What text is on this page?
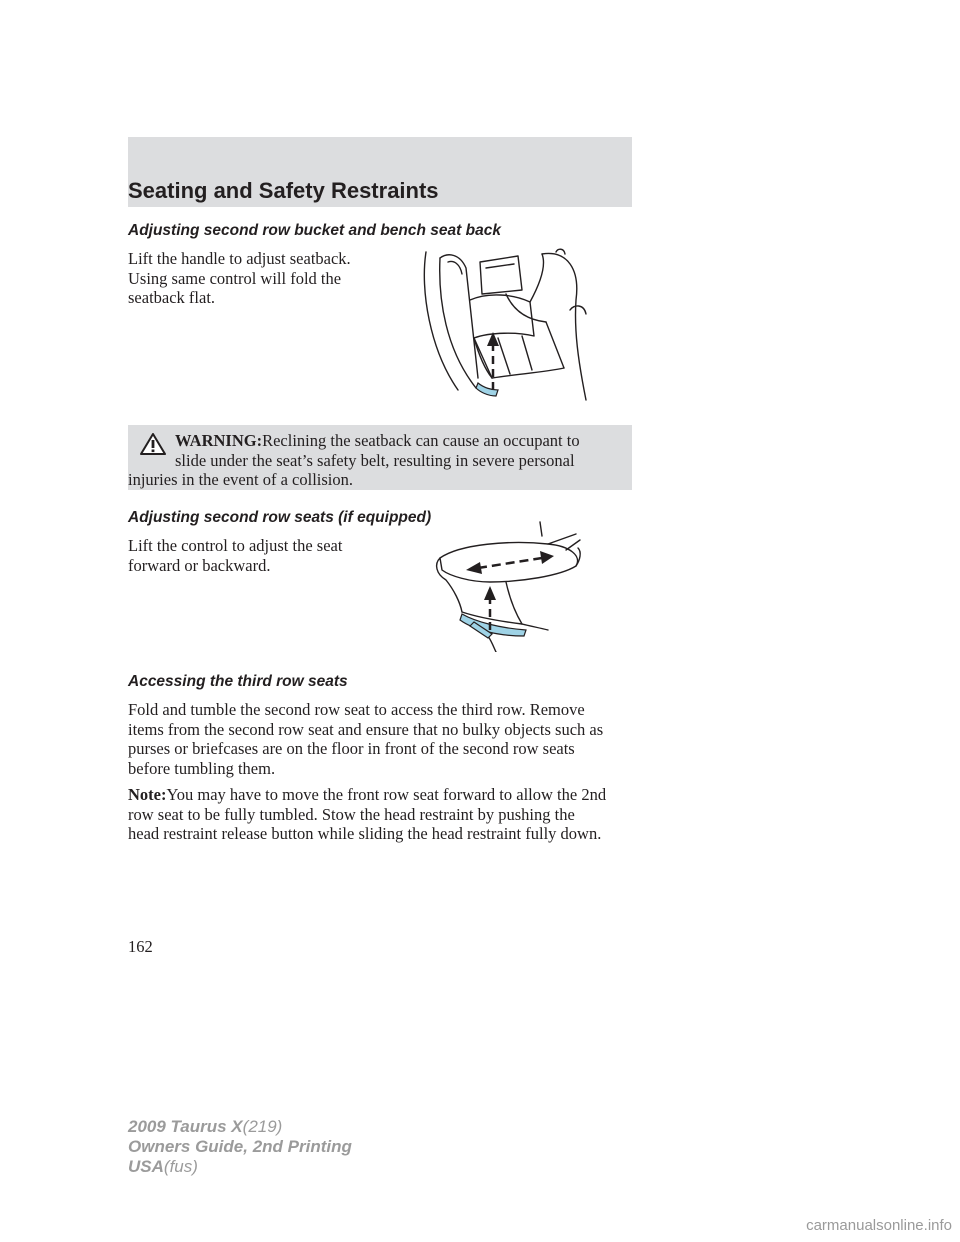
Seating and Safety Restraints
Adjusting second row bucket and bench seat back
Lift the handle to adjust seatback.
Using same control will fold the
seatback flat.
WARNING:Reclining the seatback can cause an occupant to
slide under the seat’s safety belt, resulting in severe personal
injuries in the event of a collision.
Adjusting second row seats (if equipped)
Lift the control to adjust the seat
forward or backward.
Accessing the third row seats
Fold and tumble the second row seat to access the third row. Remove
items from the second row seat and ensure that no bulky objects such as
purses or briefcases are on the floor in front of the second row seats
before tumbling them.
Note:You may have to move the front row seat forward to allow the 2nd
row seat to be fully tumbled. Stow the head restraint by pushing the
head restraint release button while sliding the head restraint fully down.
162
2009 Taurus X(219)
Owners Guide, 2nd Printing
USA(fus)
carmanualsonline.info
